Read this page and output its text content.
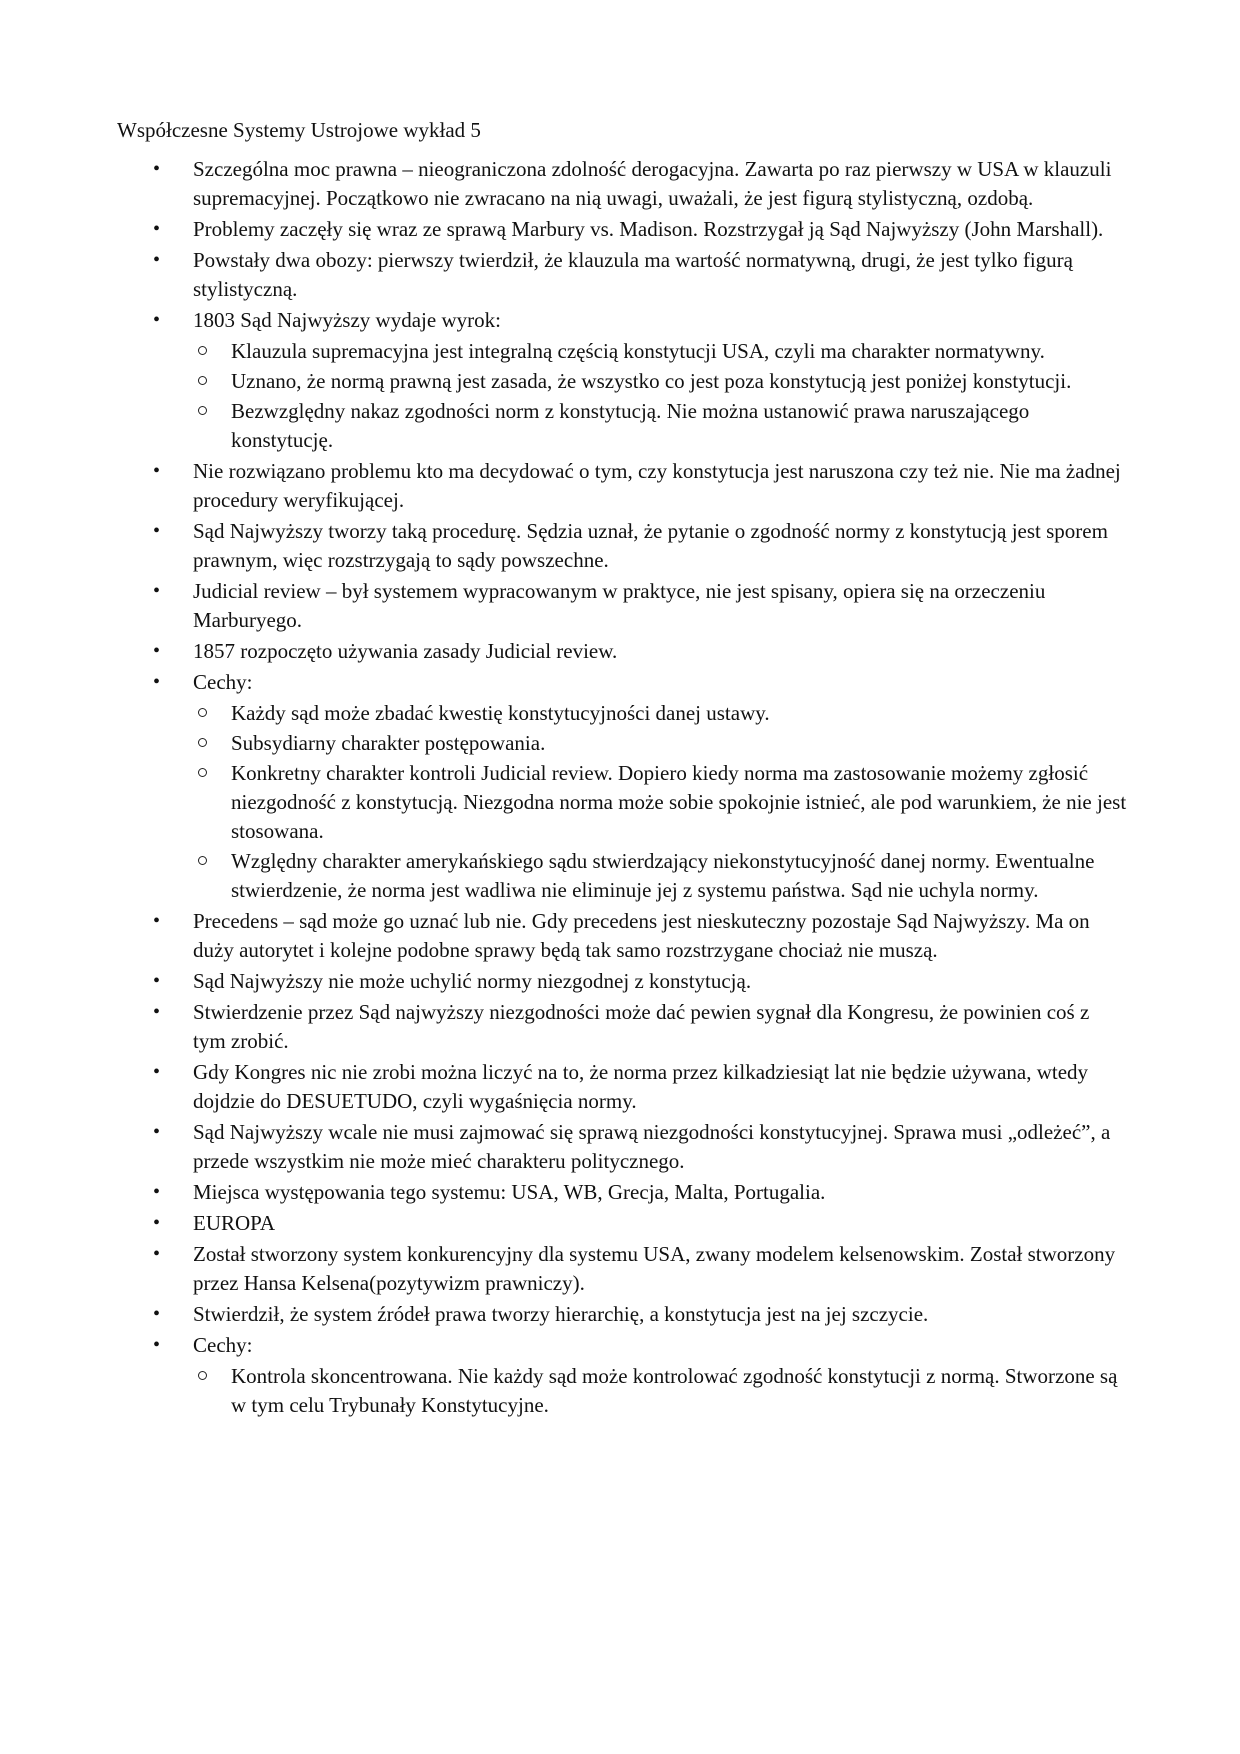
Współczesne Systemy Ustrojowe wykład 5

• Szczególna moc prawna – nieograniczona zdolność derogacyjna. Zawarta po raz pierwszy w USA w klauzuli supremacyjnej. Początkowo nie zwracano na nią uwagi, uważali, że jest figurą stylistyczną, ozdobą.
• Problemy zaczęły się wraz ze sprawą Marbury vs. Madison. Rozstrzygał ją Sąd Najwyższy (John Marshall).
• Powstały dwa obozy: pierwszy twierdził, że klauzula ma wartość normatywną, drugi, że jest tylko figurą stylistyczną.
• 1803 Sąd Najwyższy wydaje wyrok:
Klauzula supremacyjna jest integralną częścią konstytucji USA, czyli ma charakter normatywny.
Uznano, że normą prawną jest zasada, że wszystko co jest poza konstytucją jest poniżej konstytucji.
Bezwzględny nakaz zgodności norm z konstytucją. Nie można ustanowić prawa naruszającego konstytucję.
• Nie rozwiązano problemu kto ma decydować o tym, czy konstytucja jest naruszona czy też nie. Nie ma żadnej procedury weryfikującej.
• Sąd Najwyższy tworzy taką procedurę. Sędzia uznał, że pytanie o zgodność normy z konstytucją jest sporem prawnym, więc rozstrzygają to sądy powszechne.
• Judicial review – był systemem wypracowanym w praktyce, nie jest spisany, opiera się na orzeczeniu Marburyego.
• 1857 rozpoczęto używania zasady Judicial review.
• Cechy:
Każdy sąd może zbadać kwestię konstytucyjności danej ustawy.
Subsydiarny charakter postępowania.
Konkretny charakter kontroli Judicial review. Dopiero kiedy norma ma zastosowanie możemy zgłosić niezgodność z konstytucją. Niezgodna norma może sobie spokojnie istnieć, ale pod warunkiem, że nie jest stosowana.
Względny charakter amerykańskiego sądu stwierdzający niekonstytucyjność danej normy. Ewentualne stwierdzenie, że norma jest wadliwa nie eliminuje jej z systemu państwa. Sąd nie uchyla normy.
• Precedens – sąd może go uznać lub nie. Gdy precedens jest nieskuteczny pozostaje Sąd Najwyższy. Ma on duży autorytet i kolejne podobne sprawy będą tak samo rozstrzygane chociaż nie muszą.
• Sąd Najwyższy nie może uchylić normy niezgodnej z konstytucją.
• Stwierdzenie przez Sąd najwyższy niezgodności może dać pewien sygnał dla Kongresu, że powinien coś z tym zrobić.
• Gdy Kongres nic nie zrobi można liczyć na to, że norma przez kilkadziesiąt lat nie będzie używana, wtedy dojdzie do DESUETUDO, czyli wygaśnięcia normy.
• Sąd Najwyższy wcale nie musi zajmować się sprawą niezgodności konstytucyjnej. Sprawa musi „odleżeć”, a przede wszystkim nie może mieć charakteru politycznego.
• Miejsca występowania tego systemu: USA, WB, Grecja, Malta, Portugalia.
• EUROPA
• Został stworzony system konkurencyjny dla systemu USA, zwany modelem kelsenowskim. Został stworzony przez Hansa Kelsena(pozytywizm prawniczy).
• Stwierdził, że system źródeł prawa tworzy hierarchię, a konstytucja jest na jej szczycie.
• Cechy:
Kontrola skoncentrowana. Nie każdy sąd może kontrolować zgodność konstytucji z normą. Stworzone są w tym celu Trybunały Konstytucyjne.
